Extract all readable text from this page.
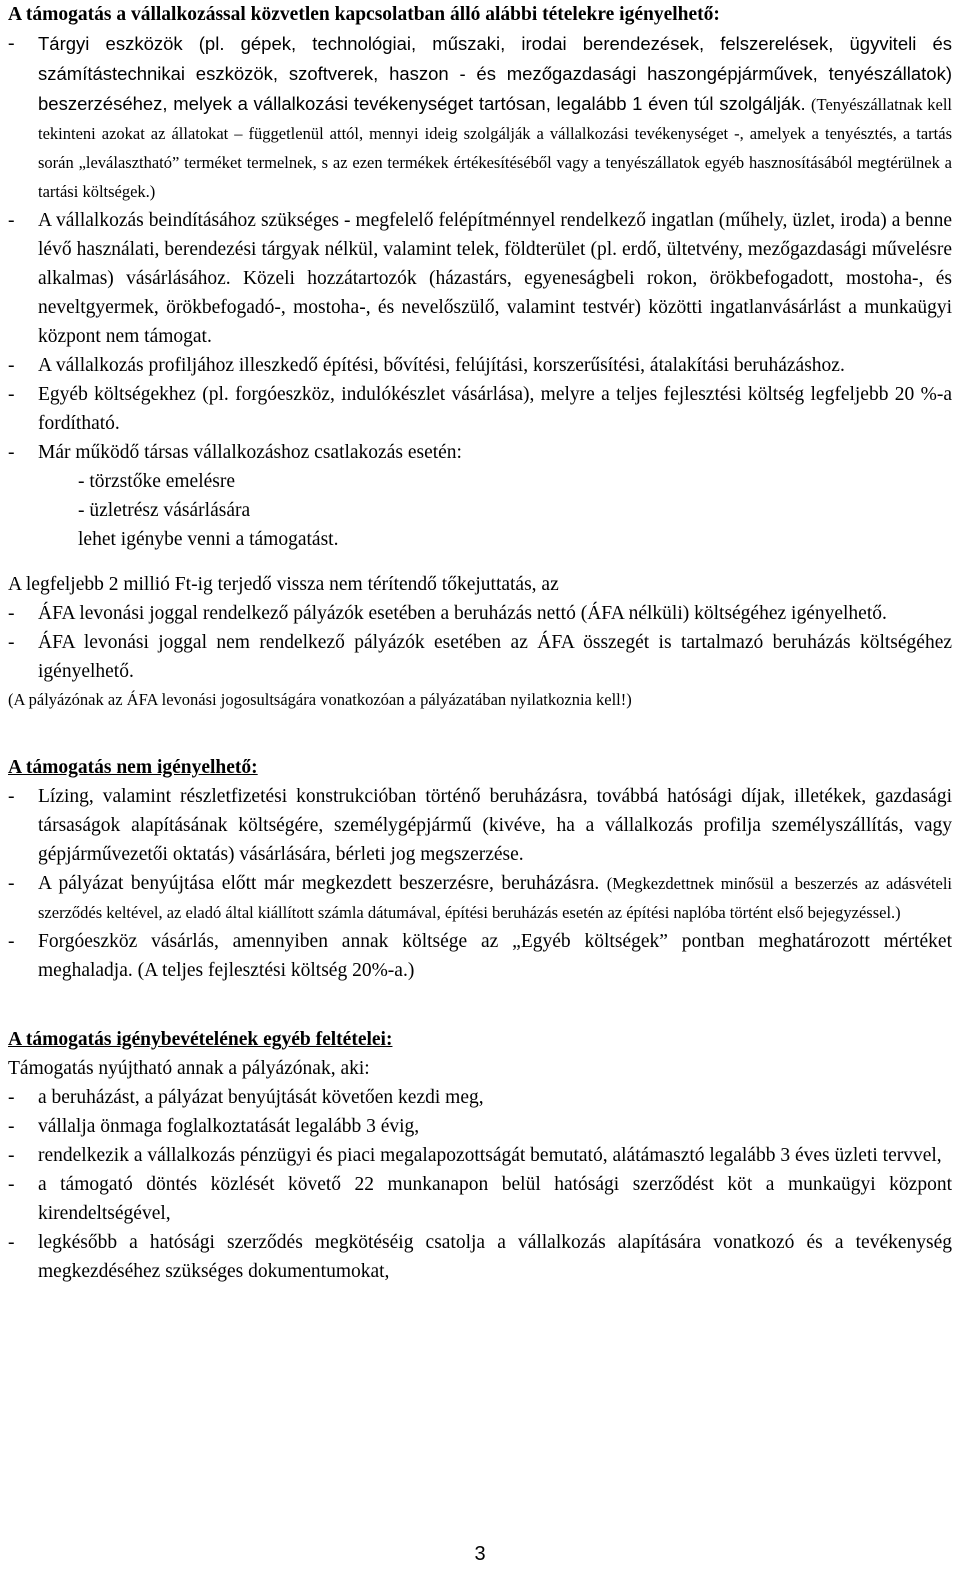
A támogatás a vállalkozással közvetlen kapcsolatban álló alábbi tételekre igényelhető:

-	Tárgyi eszközök (pl. gépek, technológiai, műszaki, irodai berendezések, felszerelések, ügyviteli és számítástechnikai eszközök, szoftverek, haszon - és mezőgazdasági haszongépjárművek, tenyészállatok) beszerzéséhez, melyek a vállalkozási tevékenységet tartósan, legalább 1 éven túl szolgálják. (Tenyészállatnak kell tekinteni azokat az állatokat – függetlenül attól, mennyi ideig szolgálják a vállalkozási tevékenységet -, amelyek a tenyésztés, a tartás során „leválasztható” terméket termelnek, s az ezen termékek értékesítéséből vagy a tenyészállatok egyéb hasznosításából megtérülnek a tartási költségek.)
-	A vállalkozás beindításához szükséges - megfelelő felépítménnyel rendelkező ingatlan (műhely, üzlet, iroda) a benne lévő használati, berendezési tárgyak nélkül, valamint telek, földterület (pl. erdő, ültetvény, mezőgazdasági művelésre alkalmas) vásárlásához. Közeli hozzátartozók (házastárs, egyeneságbeli rokon, örökbefogadott, mostoha-, és neveltgyermek, örökbefogadó-, mostoha-, és nevelőszülő, valamint testvér) közötti ingatlanvásárlást a munkaügyi központ nem támogat.
-	A vállalkozás profiljához illeszkedő építési, bővítési, felújítási, korszerűsítési, átalakítási beruházáshoz.
-	Egyéb költségekhez (pl. forgóeszköz, indulókészlet vásárlása), melyre a teljes fejlesztési költség legfeljebb 20 %-a fordítható.
-	Már működő társas vállalkozáshoz csatlakozás esetén:
- törzstőke emelésre
- üzletrész vásárlására
lehet igénybe venni a támogatást.

A legfeljebb 2 millió Ft-ig terjedő vissza nem térítendő tőkejuttatás, az

-	ÁFA levonási joggal rendelkező pályázók esetében a beruházás nettó (ÁFA nélküli) költségéhez igényelhető.
-	ÁFA levonási joggal nem rendelkező pályázók esetében az ÁFA összegét is tartalmazó beruházás költségéhez igényelhető.

(A pályázónak az ÁFA levonási jogosultságára vonatkozóan a pályázatában nyilatkoznia kell!)

A támogatás nem igényelhető:

-	Lízing, valamint részletfizetési konstrukcióban történő beruházásra, továbbá hatósági díjak, illetékek, gazdasági társaságok alapításának költségére, személygépjármű (kivéve, ha a vállalkozás profilja személyszállítás, vagy gépjárművezetői oktatás) vásárlására, bérleti jog megszerzése.
-	A pályázat benyújtása előtt már megkezdett beszerzésre, beruházásra. (Megkezdettnek minősül a beszerzés az adásvételi szerződés keltével, az eladó által kiállított számla dátumával, építési beruházás esetén az építési naplóba történt első bejegyzéssel.)
-	Forgóeszköz vásárlás, amennyiben annak költsége az „Egyéb költségek” pontban meghatározott mértéket meghaladja. (A teljes fejlesztési költség 20%-a.)

A támogatás igénybevételének egyéb feltételei:

Támogatás nyújtható annak a pályázónak, aki:

-	a beruházást, a pályázat benyújtását követően kezdi meg,
-	vállalja önmaga foglalkoztatását legalább 3 évig,
-	rendelkezik a vállalkozás pénzügyi és piaci megalapozottságát bemutató, alátámasztó legalább 3 éves üzleti tervvel,
-	a támogató döntés közlését követő 22 munkanapon belül hatósági szerződést köt a munkaügyi központ kirendeltségével,
-	legkésőbb a hatósági szerződés megkötéséig csatolja a vállalkozás alapítására vonatkozó és a tevékenység megkezdéséhez szükséges dokumentumokat,
3
